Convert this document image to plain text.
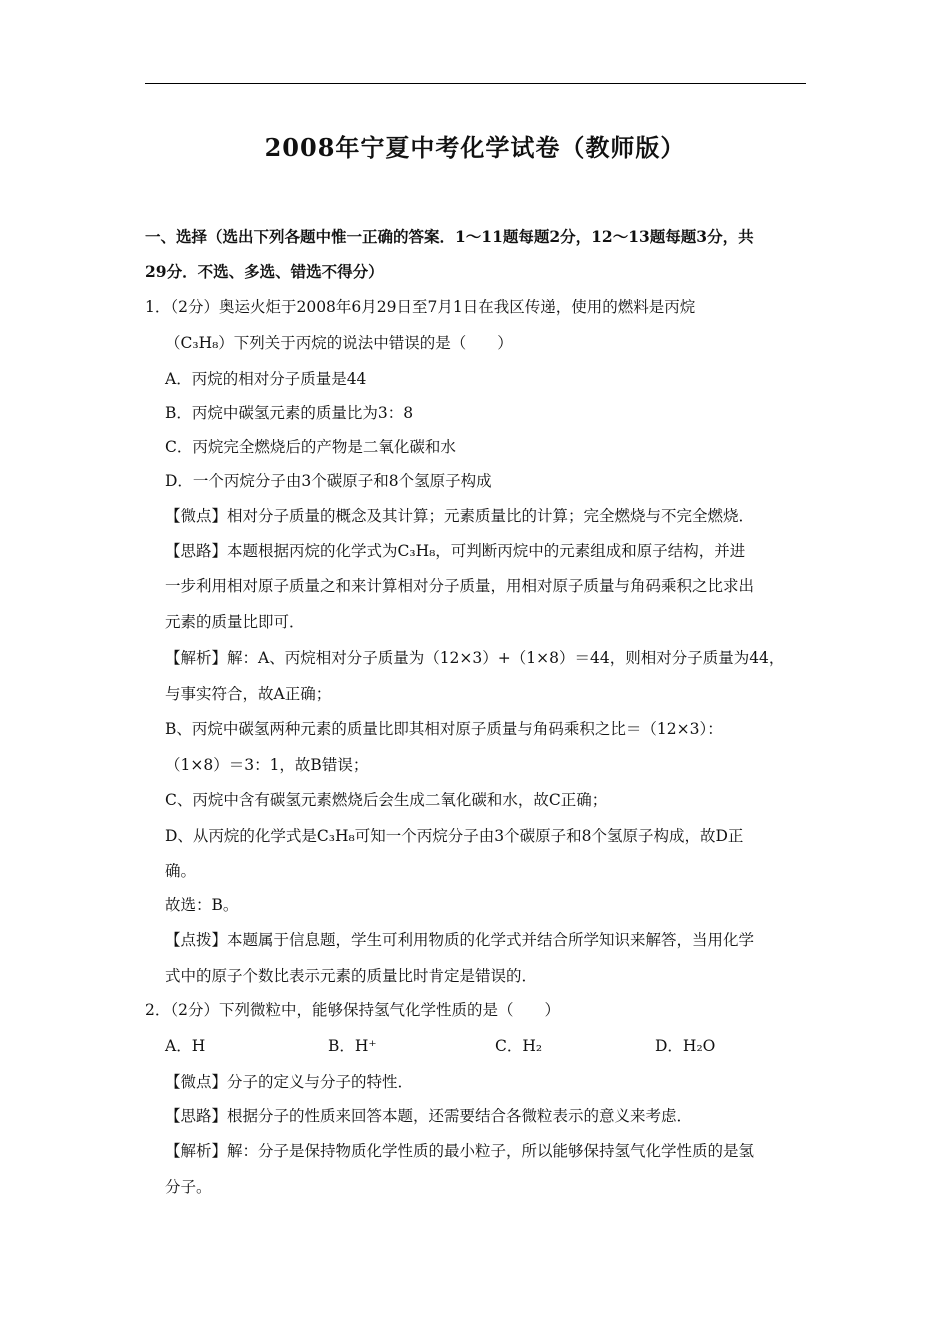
2008年宁夏中考化学试卷（教师版）
一、选择（选出下列各题中惟一正确的答案．1～11题每题2分，12～13题每题3分，共
29分．不选、多选、错选不得分）
1．（2分）奥运火炬于2008年6月29日至7月1日在我区传递，使用的燃料是丙烷
（C₃H₈）下列关于丙烷的说法中错误的是（　　）
A．丙烷的相对分子质量是44
B．丙烷中碳氢元素的质量比为3：8
C．丙烷完全燃烧后的产物是二氧化碳和水
D．一个丙烷分子由3个碳原子和8个氢原子构成
【微点】相对分子质量的概念及其计算；元素质量比的计算；完全燃烧与不完全燃烧．
【思路】本题根据丙烷的化学式为C₃H₈，可判断丙烷中的元素组成和原子结构，并进
一步利用相对原子质量之和来计算相对分子质量，用相对原子质量与角码乘积之比求出
元素的质量比即可．
【解析】解：A、丙烷相对分子质量为（12×3）+（1×8）＝44，则相对分子质量为44，
与事实符合，故A正确；
B、丙烷中碳氢两种元素的质量比即其相对原子质量与角码乘积之比＝（12×3）：
（1×8）＝3：1，故B错误；
C、丙烷中含有碳氢元素燃烧后会生成二氧化碳和水，故C正确；
D、从丙烷的化学式是C₃H₈可知一个丙烷分子由3个碳原子和8个氢原子构成，故D正
确。
故选：B。
【点拨】本题属于信息题，学生可利用物质的化学式并结合所学知识来解答，当用化学
式中的原子个数比表示元素的质量比时肯定是错误的．
2．（2分）下列微粒中，能够保持氢气化学性质的是（　　）
A．H	B．H⁺	C．H₂	D．H₂O
【微点】分子的定义与分子的特性．
【思路】根据分子的性质来回答本题，还需要结合各微粒表示的意义来考虑．
【解析】解：分子是保持物质化学性质的最小粒子，所以能够保持氢气化学性质的是氢
分子。
